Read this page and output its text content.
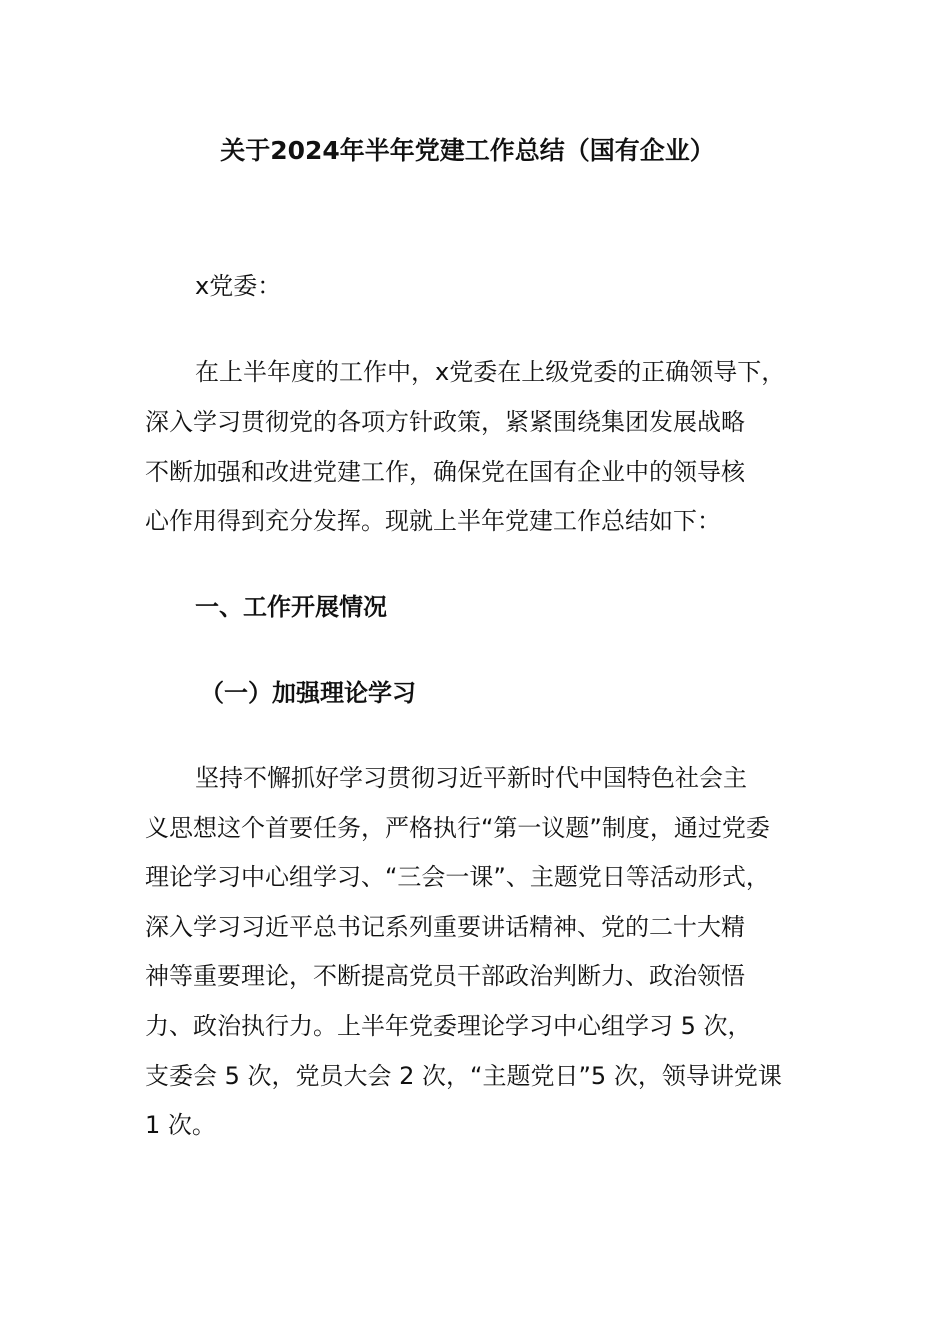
关于2024年半年党建工作总结（国有企业）
x党委：
在上半年度的工作中，x党委在上级党委的正确领导下，
深入学习贯彻党的各项方针政策，紧紧围绕集团发展战略
不断加强和改进党建工作，确保党在国有企业中的领导核
心作用得到充分发挥。现就上半年党建工作总结如下：
一、工作开展情况
（一）加强理论学习
坚持不懈抓好学习贯彻习近平新时代中国特色社会主
义思想这个首要任务，严格执行“第一议题”制度，通过党委
理论学习中心组学习、“三会一课”、主题党日等活动形式，
深入学习习近平总书记系列重要讲话精神、党的二十大精
神等重要理论，不断提高党员干部政治判断力、政治领悟
力、政治执行力。上半年党委理论学习中心组学习 5 次，
支委会 5 次，党员大会 2 次，“主题党日”5 次，领导讲党课
1 次。
